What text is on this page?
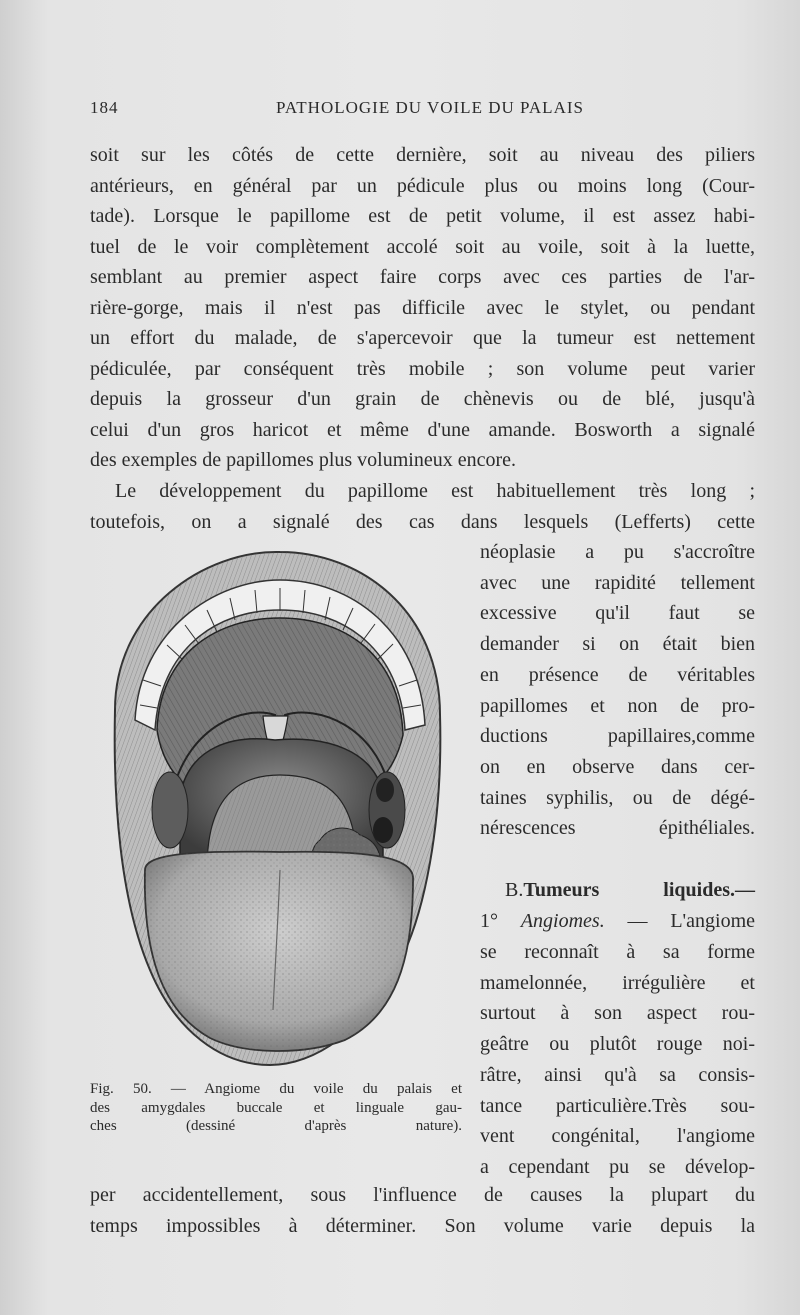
184	PATHOLOGIE DU VOILE DU PALAIS
soit sur les côtés de cette dernière, soit au niveau des piliers
antérieurs, en général par un pédicule plus ou moins long (Cour-
tade). Lorsque le papillome est de petit volume, il est assez habi-
tuel de le voir complètement accolé soit au voile, soit à la luette,
semblant au premier aspect faire corps avec ces parties de l'ar-
rière-gorge, mais il n'est pas difficile avec le stylet, ou pendant
un effort du malade, de s'apercevoir que la tumeur est nettement
pédiculée, par conséquent très mobile ; son volume peut varier
depuis la grosseur d'un grain de chènevis ou de blé, jusqu'à
celui d'un gros haricot et même d'une amande. Bosworth a signalé
des exemples de papillomes plus volumineux encore.
Le développement du papillome est habituellement très long ;
toutefois, on a signalé des cas dans lesquels (Lefferts) cette
néoplasie a pu s'accroître
avec une rapidité tellement
excessive qu'il faut se
demander si on était bien
en présence de véritables
papillomes et non de pro-
ductions papillaires,comme
on en observe dans cer-
taines syphilis, ou de dégé-
nérescences épithéliales.
B.Tumeurs liquides.—
1° Angiomes. — L'angiome
se reconnaît à sa forme
mamelonnée, irrégulière et
surtout à son aspect rou-
geâtre ou plutôt rouge noi-
râtre, ainsi qu'à sa consis-
tance particulière.Très sou-
vent congénital, l'angiome
a cependant pu se dévelop-
per accidentellement, sous l'influence de causes la plupart du
temps impossibles à déterminer. Son volume varie depuis la
Fig. 50. — Angiome du voile du palais et
des amygdales buccale et linguale gau-
ches (dessiné d'après nature).
